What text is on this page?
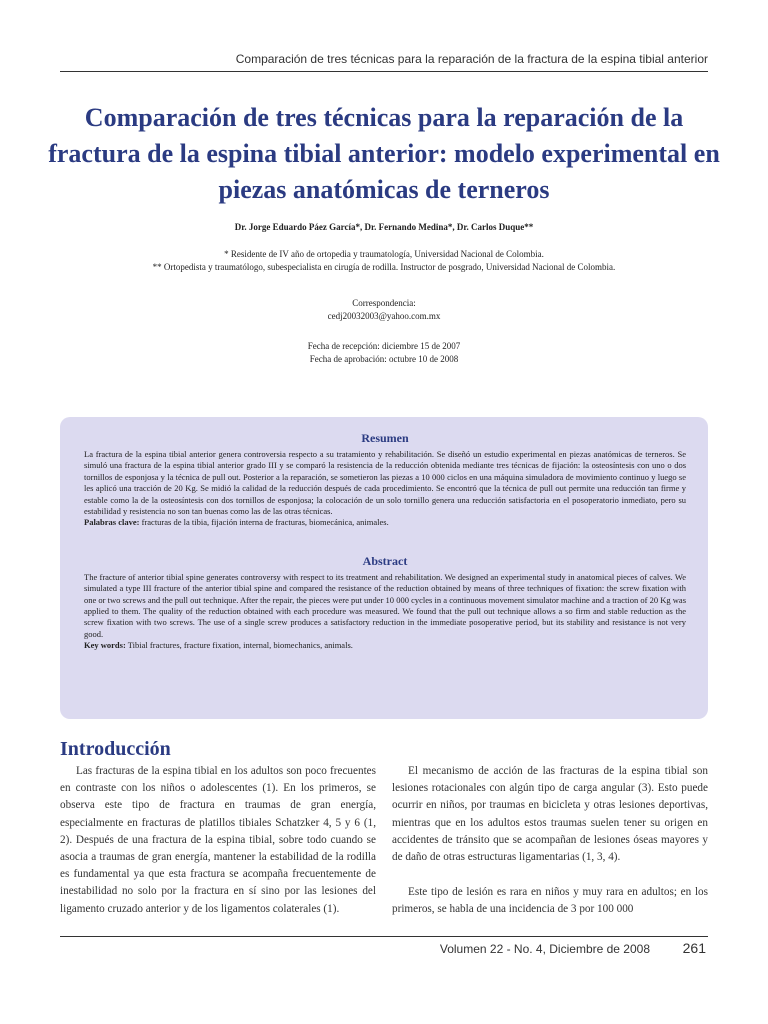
Comparación de tres técnicas para la reparación de la fractura de la espina tibial anterior
Comparación de tres técnicas para la reparación de la fractura de la espina tibial anterior: modelo experimental en piezas anatómicas de terneros
Dr. Jorge Eduardo Páez García*, Dr. Fernando Medina*, Dr. Carlos Duque**
* Residente de IV año de ortopedia y traumatología, Universidad Nacional de Colombia.
** Ortopedista y traumatólogo, subespecialista en cirugía de rodilla. Instructor de posgrado, Universidad Nacional de Colombia.
Correspondencia:
cedj20032003@yahoo.com.mx
Fecha de recepción: diciembre 15 de 2007
Fecha de aprobación: octubre 10 de 2008
Resumen

La fractura de la espina tibial anterior genera controversia respecto a su tratamiento y rehabilitación. Se diseñó un estudio experimental en piezas anatómicas de terneros. Se simuló una fractura de la espina tibial anterior grado III y se comparó la resistencia de la reducción obtenida mediante tres técnicas de fijación: la osteosíntesis con uno o dos tornillos de esponjosa y la técnica de pull out. Posterior a la reparación, se sometieron las piezas a 10 000 ciclos en una máquina simuladora de movimiento continuo y luego se les aplicó una tracción de 20 Kg. Se midió la calidad de la reducción después de cada procedimiento. Se encontró que la técnica de pull out permite una reducción tan firme y estable como la de la osteosíntesis con dos tornillos de esponjosa; la colocación de un solo tornillo genera una reducción satisfactoria en el posoperatorio inmediato, pero su estabilidad y resistencia no son tan buenas como las de las otras técnicas.
Palabras clave: fracturas de la tibia, fijación interna de fracturas, biomecánica, animales.

Abstract

The fracture of anterior tibial spine generates controversy with respect to its treatment and rehabilitation. We designed an experimental study in anatomical pieces of calves. We simulated a type III fracture of the anterior tibial spine and compared the resistance of the reduction obtained by means of three techniques of fixation: the screw fixation with one or two screws and the pull out technique. After the repair, the pieces were put under 10 000 cycles in a continuous movement simulator machine and a traction of 20 Kg was applied to them. The quality of the reduction obtained with each procedure was measured. We found that the pull out technique allows a so firm and stable reduction as the screw fixation with two screws. The use of a single screw produces a satisfactory reduction in the immediate posoperative period, but its stability and resistance is not very good.
Key words: Tibial fractures, fracture fixation, internal, biomechanics, animals.

Introducción

Las fracturas de la espina tibial en los adultos son poco frecuentes en contraste con los niños o adolescentes (1). En los primeros, se observa este tipo de fractura en traumas de gran energía, especialmente en fracturas de platillos tibiales Schatzker 4, 5 y 6 (1, 2). Después de una fractura de la espina tibial, sobre todo cuando se asocia a traumas de gran energía, mantener la estabilidad de la rodilla es fundamental ya que esta fractura se acompaña frecuentemente de inestabilidad no solo por la fractura en sí sino por las lesiones del ligamento cruzado anterior y de los ligamentos colaterales (1).

El mecanismo de acción de las fracturas de la espina tibial son lesiones rotacionales con algún tipo de carga angular (3). Esto puede ocurrir en niños, por traumas en bicicleta y otras lesiones deportivas, mientras que en los adultos estos traumas suelen tener su origen en accidentes de tránsito que se acompañan de lesiones óseas mayores y de daño de otras estructuras ligamentarias (1, 3, 4).

Este tipo de lesión es rara en niños y muy rara en adultos; en los primeros, se habla de una incidencia de 3 por 100 000

Volumen 22 - No. 4, Diciembre de 2008	261
